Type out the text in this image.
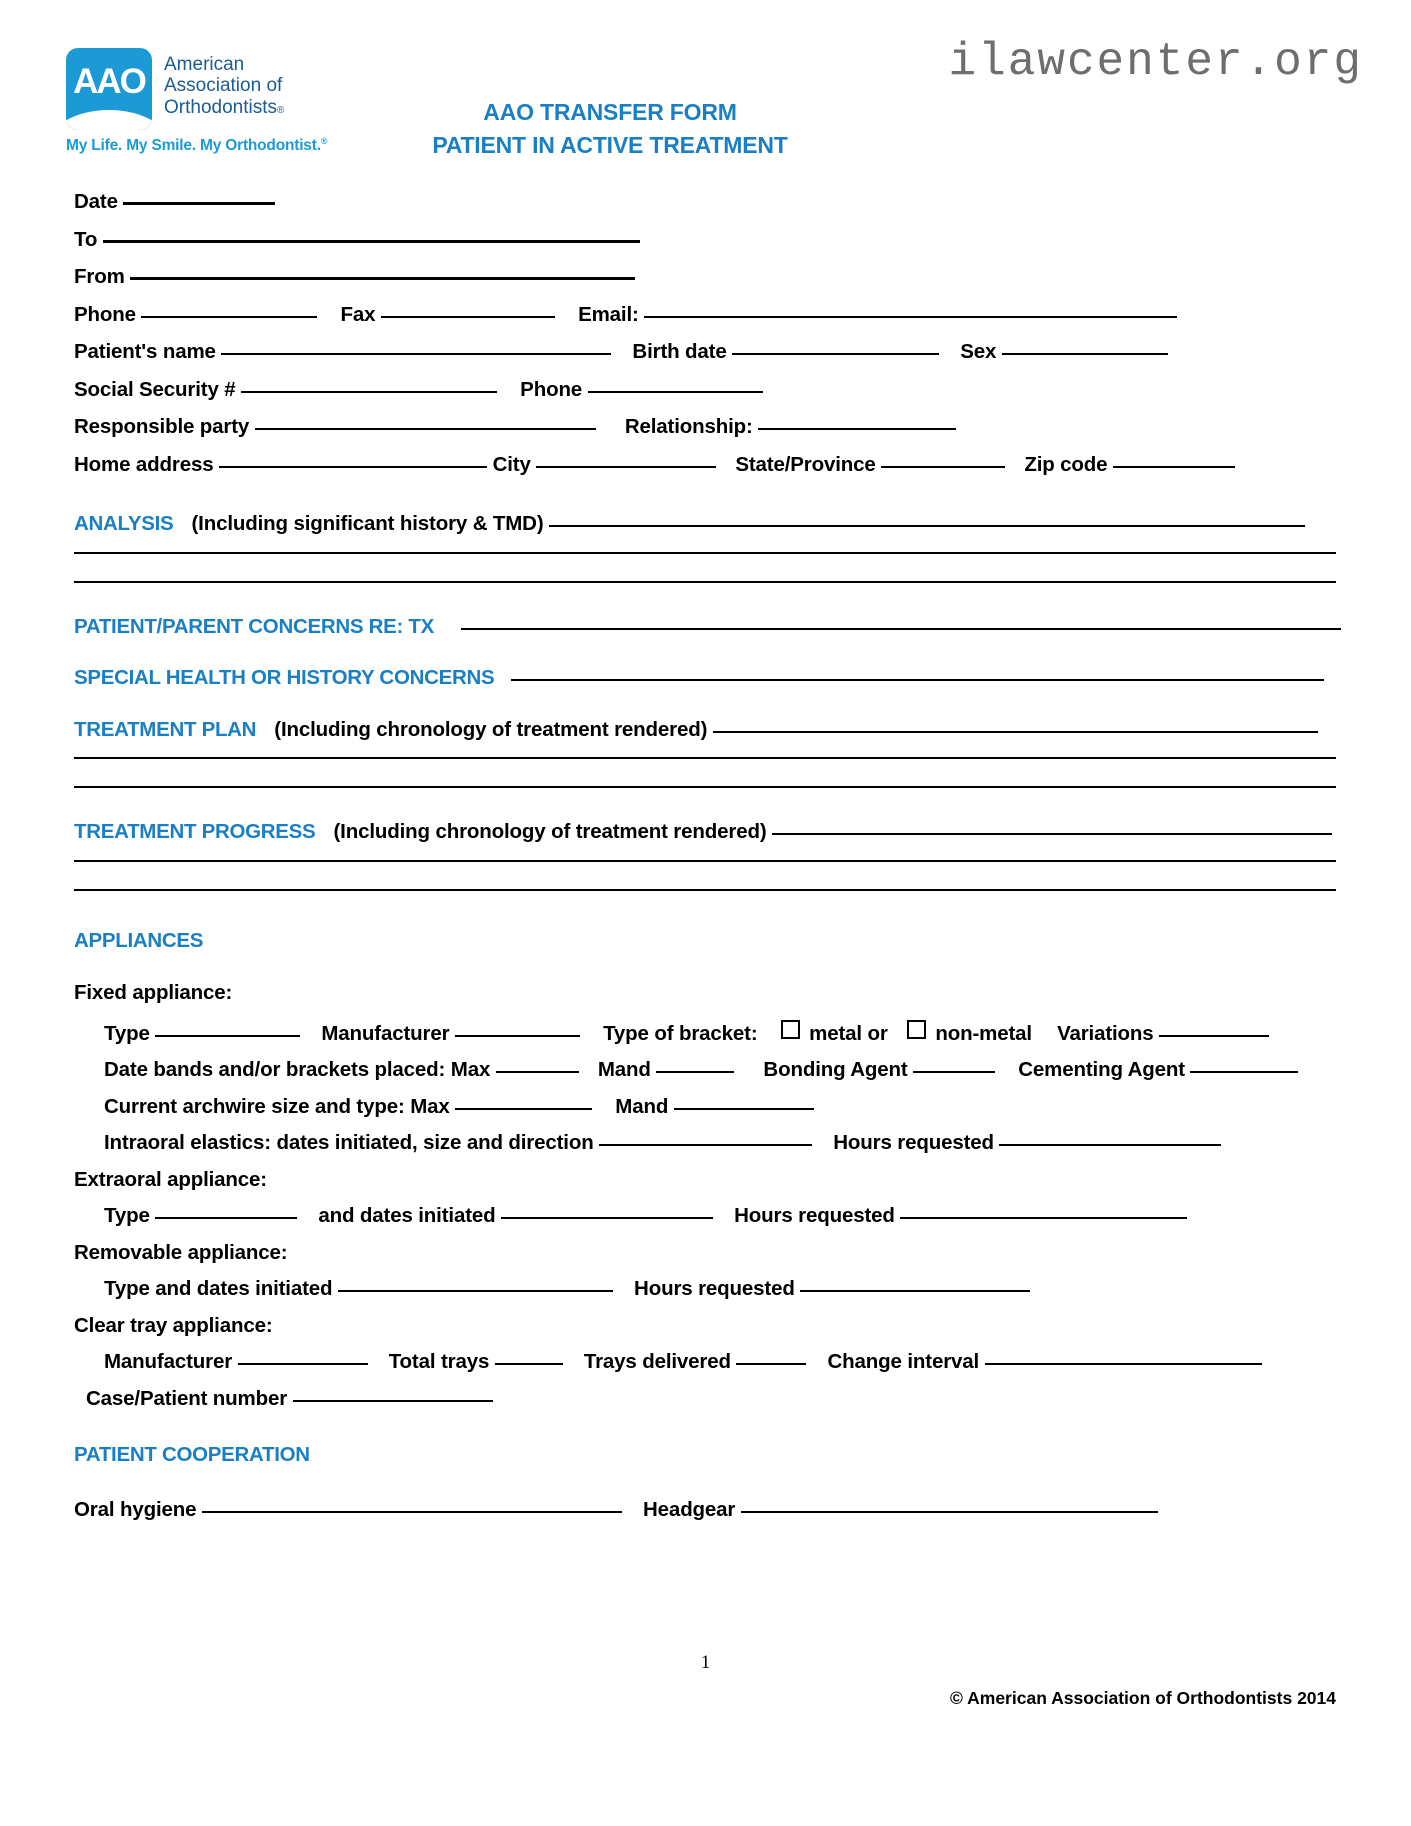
ilawcenter.org
AAO	American
Association of
Orthodontists®
My Life. My Smile. My Orthodontist.®
AAO TRANSFER FORM
PATIENT IN ACTIVE TREATMENT
Date
To
From
Phone	Fax	Email:
Patient's name	Birth date	Sex
Social Security #	Phone
Responsible party	Relationship:
Home address	City	State/Province	Zip code
ANALYSIS (Including significant history & TMD)
PATIENT/PARENT CONCERNS RE: TX
SPECIAL HEALTH OR HISTORY CONCERNS
TREATMENT PLAN (Including chronology of treatment rendered)
TREATMENT PROGRESS (Including chronology of treatment rendered)
APPLIANCES
Fixed appliance:
Type	Manufacturer	Type of bracket:	metal or non-metal Variations
Date bands and/or brackets placed: Max	Mand	Bonding Agent	Cementing Agent
Current archwire size and type: Max	Mand
Intraoral elastics: dates initiated, size and direction	Hours requested
Extraoral appliance:
Type	and dates initiated	Hours requested
Removable appliance:
Type and dates initiated	Hours requested
Clear tray appliance:
Manufacturer	Total trays	Trays delivered	Change interval
Case/Patient number
PATIENT COOPERATION
Oral hygiene	Headgear
1
© American Association of Orthodontists 2014
